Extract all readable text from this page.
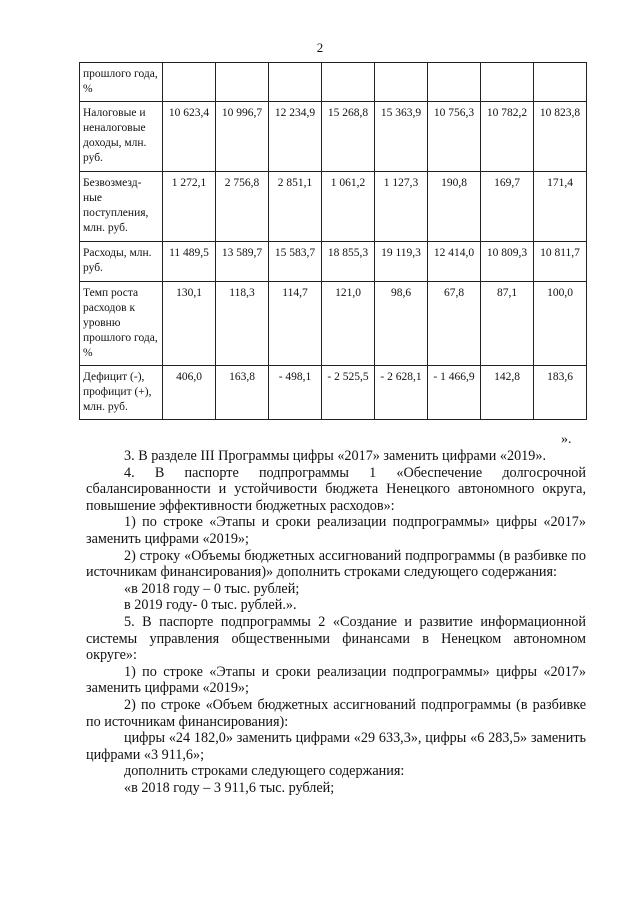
2
прошлого года, %								
Налоговые и неналоговые доходы, млн. руб.	10 623,4	10 996,7	12 234,9	15 268,8	15 363,9	10 756,3	10 782,2	10 823,8
Безвозмезд-ные поступления, млн. руб.	1 272,1	2 756,8	2 851,1	1 061,2	1 127,3	190,8	169,7	171,4
Расходы, млн. руб.	11 489,5	13 589,7	15 583,7	18 855,3	19 119,3	12 414,0	10 809,3	10 811,7
Темп роста расходов к уровню прошлого года, %	130,1	118,3	114,7	121,0	98,6	67,8	87,1	100,0
Дефицит (-), профицит (+), млн. руб.	406,0	163,8	- 498,1	- 2 525,5	- 2 628,1	- 1 466,9	142,8	183,6
».

3. В разделе III Программы цифры «2017» заменить цифрами «2019».

4. В паспорте подпрограммы 1 «Обеспечение долгосрочной сбалансированности и устойчивости бюджета Ненецкого автономного округа, повышение эффективности бюджетных расходов»:

1) по строке «Этапы и сроки реализации подпрограммы» цифры «2017» заменить цифрами «2019»;

2) строку «Объемы бюджетных ассигнований подпрограммы (в разбивке по источникам финансирования)» дополнить строками следующего содержания:

«в 2018 году – 0 тыс. рублей;

в 2019 году- 0 тыс. рублей.».

5. В паспорте подпрограммы 2 «Создание и развитие информационной системы управления общественными финансами в Ненецком автономном округе»:

1) по строке «Этапы и сроки реализации подпрограммы» цифры «2017» заменить цифрами «2019»;

2) по строке «Объем бюджетных ассигнований подпрограммы (в разбивке по источникам финансирования):

цифры «24 182,0» заменить цифрами «29 633,3», цифры «6 283,5» заменить цифрами «3 911,6»;

дополнить строками следующего содержания:

«в 2018 году – 3 911,6 тыс. рублей;
